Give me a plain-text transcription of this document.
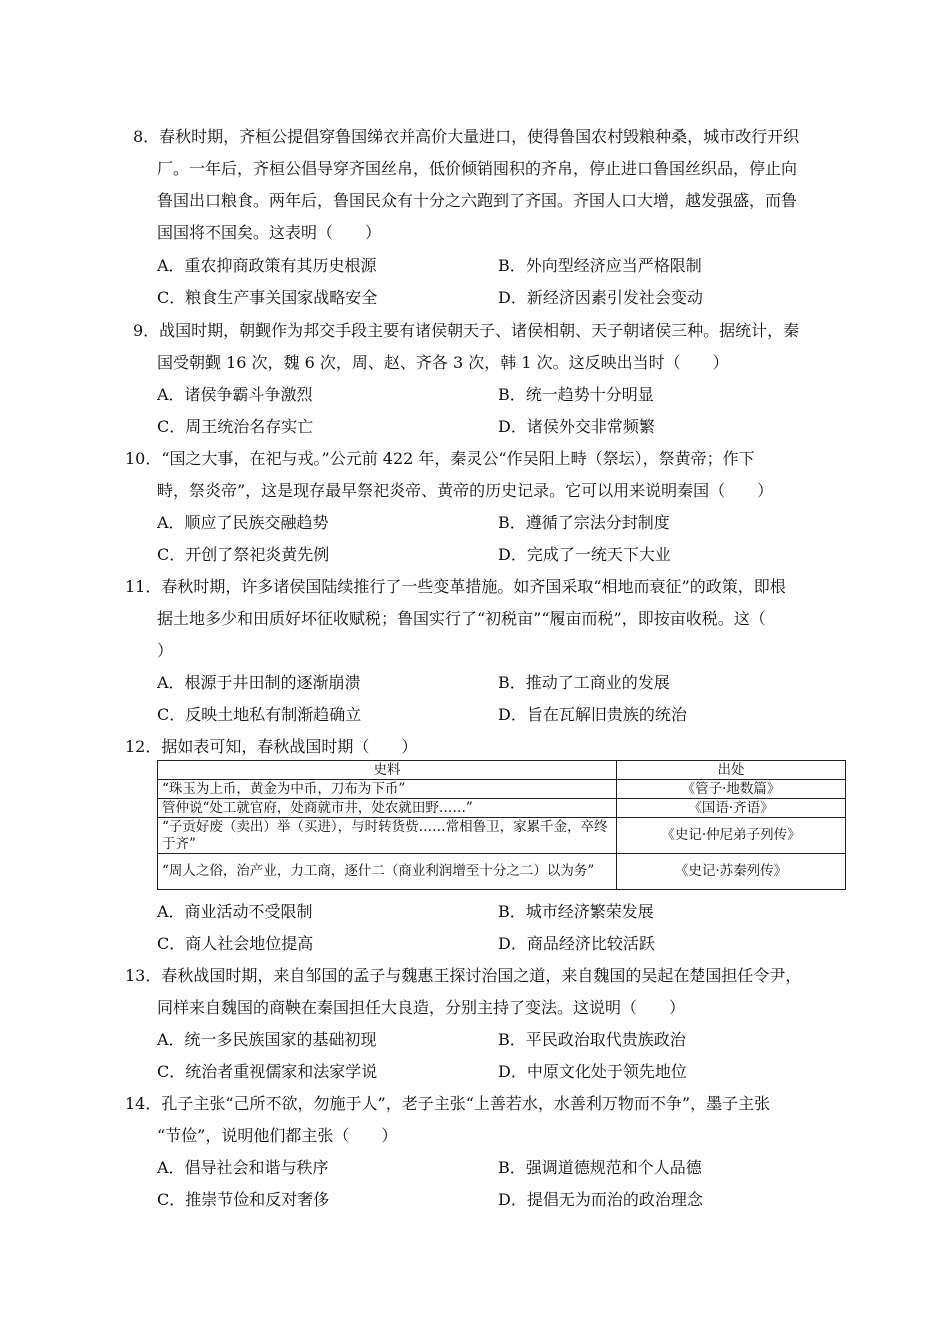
8．春秋时期，齐桓公提倡穿鲁国绨衣并高价大量进口，使得鲁国农村毁粮种桑，城市改行开织
厂。一年后，齐桓公倡导穿齐国丝帛，低价倾销囤积的齐帛，停止进口鲁国丝织品，停止向
鲁国出口粮食。两年后，鲁国民众有十分之六跑到了齐国。齐国人口大增，越发强盛，而鲁
国国将不国矣。这表明（　　）
A．重农抑商政策有其历史根源	B．外向型经济应当严格限制
C．粮食生产事关国家战略安全	D．新经济因素引发社会变动
9．战国时期，朝觐作为邦交手段主要有诸侯朝天子、诸侯相朝、天子朝诸侯三种。据统计，秦
国受朝觐 16 次，魏 6 次，周、赵、齐各 3 次，韩 1 次。这反映出当时（　　）
A．诸侯争霸斗争激烈	B．统一趋势十分明显
C．周王统治名存实亡	D．诸侯外交非常频繁
10．“国之大事，在祀与戎。”公元前 422 年，秦灵公“作吴阳上畤（祭坛），祭黄帝；作下
畤，祭炎帝”，这是现存最早祭祀炎帝、黄帝的历史记录。它可以用来说明秦国（　　）
A．顺应了民族交融趋势	B．遵循了宗法分封制度
C．开创了祭祀炎黄先例	D．完成了一统天下大业
11．春秋时期，许多诸侯国陆续推行了一些变革措施。如齐国采取“相地而衰征”的政策，即根
据土地多少和田质好坏征收赋税；鲁国实行了“初税亩”“履亩而税”，即按亩收税。这（
）
A．根源于井田制的逐渐崩溃	B．推动了工商业的发展
C．反映土地私有制渐趋确立	D．旨在瓦解旧贵族的统治
12．据如表可知，春秋战国时期（　　）
史料	出处
“珠玉为上币，黄金为中币，刀布为下币”	《管子·地数篇》
管仲说“处工就官府，处商就市井，处农就田野……”	《国语·齐语》
“子贡好废（卖出）举（买进），与时转货赀……常相鲁卫，家累千金，卒终于齐”	《史记·仲尼弟子列传》
“周人之俗，治产业，力工商，逐什二（商业利润增至十分之二）以为务”	《史记·苏秦列传》
A．商业活动不受限制	B．城市经济繁荣发展
C．商人社会地位提高	D．商品经济比较活跃
13．春秋战国时期，来自邹国的孟子与魏惠王探讨治国之道，来自魏国的吴起在楚国担任令尹，
同样来自魏国的商鞅在秦国担任大良造，分别主持了变法。这说明（　　）
A．统一多民族国家的基础初现	B．平民政治取代贵族政治
C．统治者重视儒家和法家学说	D．中原文化处于领先地位
14．孔子主张“己所不欲，勿施于人”，老子主张“上善若水，水善利万物而不争”，墨子主张
“节俭”，说明他们都主张（　　）
A．倡导社会和谐与秩序	B．强调道德规范和个人品德
C．推崇节俭和反对奢侈	D．提倡无为而治的政治理念
